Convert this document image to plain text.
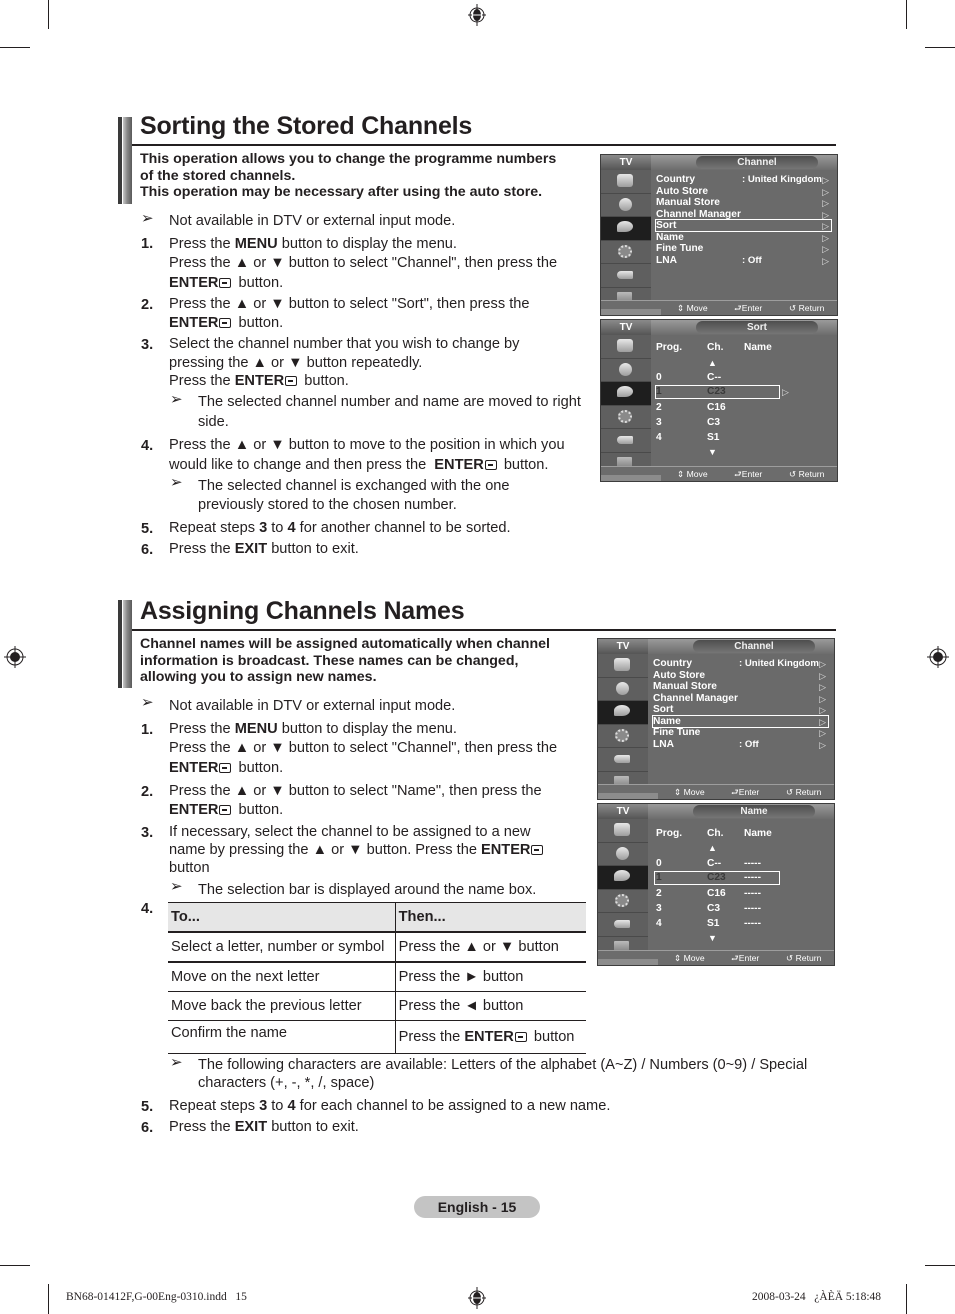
Sorting the Stored Channels
This operation allows you to change the programme numbers
of the stored channels.
This operation may be necessary after using the auto store.
➢ Not available in DTV or external input mode.
1. Press the MENU button to display the menu.
Press the ▲ or ▼ button to select "Channel", then press the
ENTER button.
2. Press the ▲ or ▼ button to select "Sort", then press the
ENTER button.
3. Select the channel number that you wish to change by
pressing the ▲ or ▼ button repeatedly.
Press the ENTER button.
➢ The selected channel number and name are moved to right
side.
4. Press the ▲ or ▼ button to move to the position in which you
would like to change and then press the  ENTER button.
➢ The selected channel is exchanged with the one
previously stored to the chosen number.
5. Repeat steps 3 to 4 for another channel to be sorted.
6. Press the EXIT button to exit.
TV	Channel
Country	: United Kingdom
Auto Store
Manual Store
Channel Manager
Sort
Name
Fine Tune
LNA	: Off
▷
▷
▷
▷
▷
▷
▷
▷
⇕ Move	⮐Enter	↺ Return
TV	Sort
Prog. Ch. Name
▲
0	C--
1	C23	▷
2	C16
3	C3
4	S1
▼
⇕ Move	⮐Enter	↺ Return
Assigning Channels Names
Channel names will be assigned automatically when channel
information is broadcast. These names can be changed,
allowing you to assign new names.
➢ Not available in DTV or external input mode.
1. Press the MENU button to display the menu.
Press the ▲ or ▼ button to select "Channel", then press the
ENTER button.
2. Press the ▲ or ▼ button to select "Name", then press the
ENTER button.
3. If necessary, select the channel to be assigned to a new
name by pressing the ▲ or ▼ button. Press the ENTER
button
➢ The selection bar is displayed around the name box.
4. To...	Then...
Select a letter, number or symbol	Press the ▲ or ▼ button
Move on the next letter	Press the ► button
Move back the previous letter	Press the ◄ button
Confirm the name	Press the ENTER button
➢ The following characters are available: Letters of the alphabet (A~Z) / Numbers (0~9) / Special
characters (+, -, *, /, space)
5. Repeat steps 3 to 4 for each channel to be assigned to a new name.
6. Press the EXIT button to exit.
TV	Channel
Country	: United Kingdom
Auto Store
Manual Store
Channel Manager
Sort
Name
Fine Tune
LNA	: Off
▷
▷
▷
▷
▷
▷
▷
▷
⇕ Move	⮐Enter	↺ Return
TV	Name
Prog. Ch. Name
▲
0	C-- -----
1	C23 -----
2	C16 -----
3	C3 -----
4	S1 -----
▼
⇕ Move	⮐Enter	↺ Return
English - 15
BN68-01412F,G-00Eng-0310.indd   15	2008-03-24   ¿ÀÈÄ 5:18:48
